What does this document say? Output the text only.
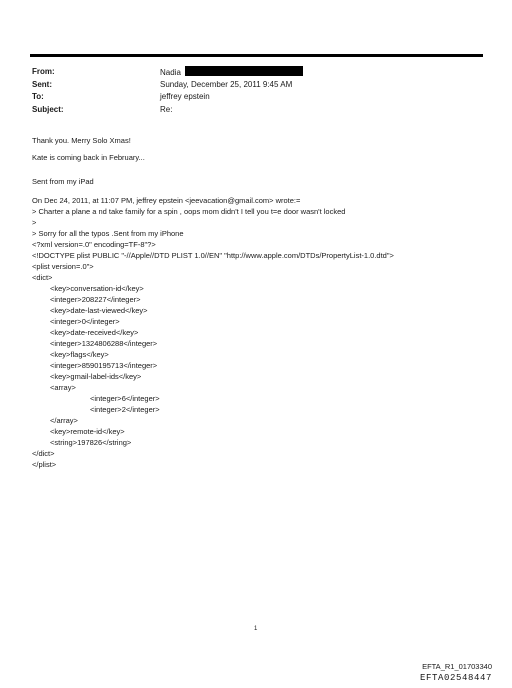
From:	Nadia
Sent:	Sunday, December 25, 2011 9:45 AM
To:	jeffrey epstein
Subject:	Re:
Thank you. Merry Solo Xmas!
Kate is coming back in February...
Sent from my iPad
On Dec 24, 2011, at 11:07 PM, jeffrey epstein <jeevacation@gmail.com> wrote:=
> Charter a plane a nd take family for a spin , oops mom didn't I tell you t=e door wasn't locked
>
> Sorry for all the typos .Sent from my iPhone
<?xml version=.0" encoding=TF-8"?>
<!DOCTYPE plist PUBLIC "-//Apple//DTD PLIST 1.0//EN" "http://www.apple.com/DTDs/PropertyList-1.0.dtd">
<plist version=.0">
<dict>
<key>conversation-id</key>
<integer>208227</integer>
<key>date-last-viewed</key>
<integer>0</integer>
<key>date-received</key>
<integer>1324806288</integer>
<key>flags</key>
<integer>8590195713</integer>
<key>gmail-label-ids</key>
<array>
<integer>6</integer>
<integer>2</integer>
</array>
<key>remote-id</key>
<string>197826</string>
</dict>
</plist>
1
EFTA_R1_01703340
EFTA02548447
